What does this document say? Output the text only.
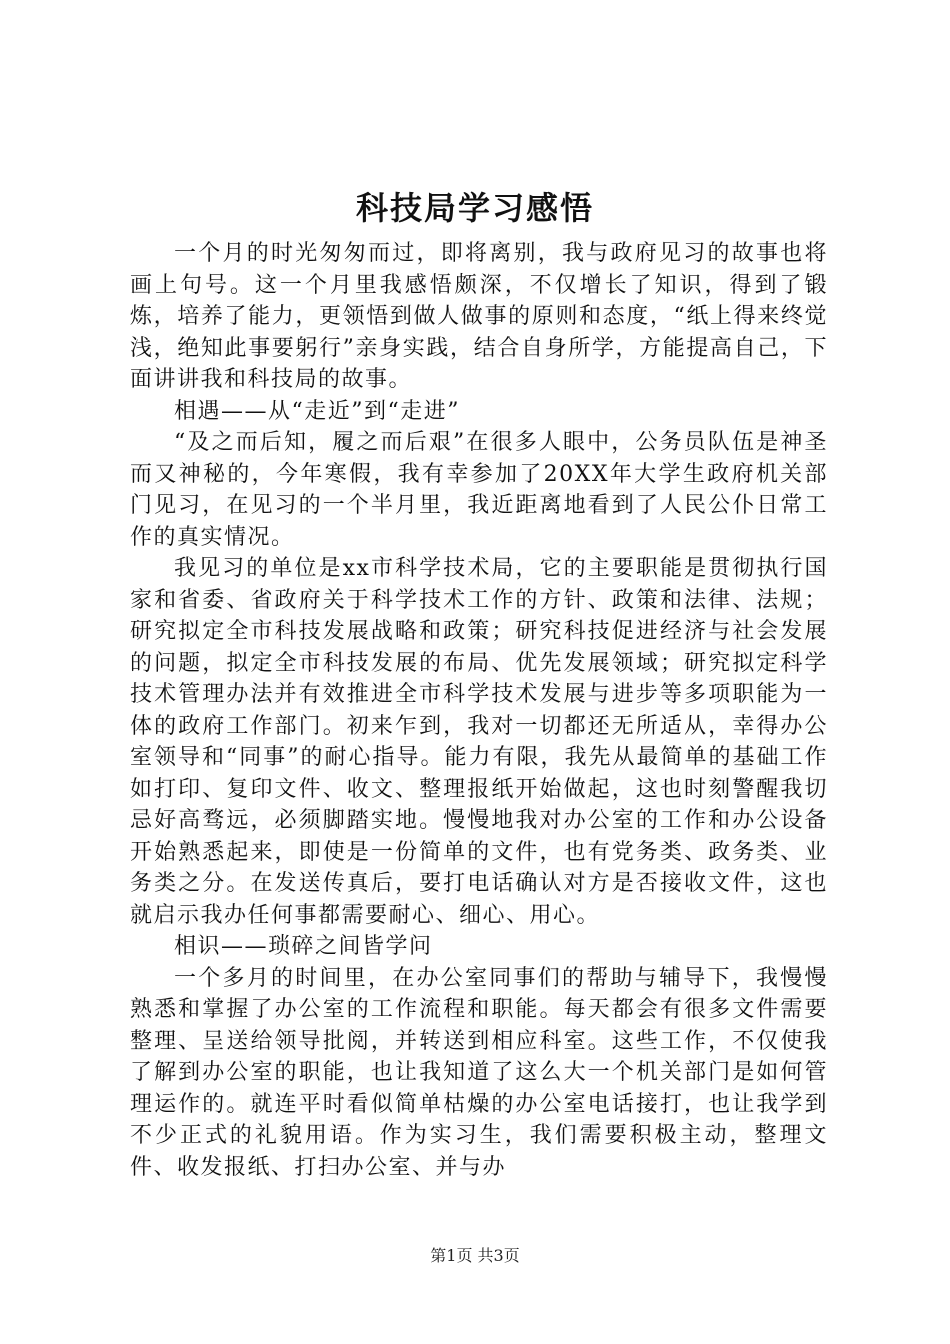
科技局学习感悟

一个月的时光匆匆而过，即将离别，我与政府见习的故事也将画上句号。这一个月里我感悟颇深，不仅增长了知识，得到了锻炼，培养了能力，更领悟到做人做事的原则和态度，“纸上得来终觉浅，绝知此事要躬行”亲身实践，结合自身所学，方能提高自己，下面讲讲我和科技局的故事。

相遇——从“走近”到“走进”

“及之而后知，履之而后艰”在很多人眼中，公务员队伍是神圣而又神秘的，今年寒假，我有幸参加了20XX年大学生政府机关部门见习，在见习的一个半月里，我近距离地看到了人民公仆日常工作的真实情况。

我见习的单位是xx市科学技术局，它的主要职能是贯彻执行国家和省委、省政府关于科学技术工作的方针、政策和法律、法规；研究拟定全市科技发展战略和政策；研究科技促进经济与社会发展的问题，拟定全市科技发展的布局、优先发展领域；研究拟定科学技术管理办法并有效推进全市科学技术发展与进步等多项职能为一体的政府工作部门。初来乍到，我对一切都还无所适从，幸得办公室领导和“同事”的耐心指导。能力有限，我先从最简单的基础工作如打印、复印文件、收文、整理报纸开始做起，这也时刻警醒我切忌好高骛远，必须脚踏实地。慢慢地我对办公室的工作和办公设备开始熟悉起来，即使是一份简单的文件，也有党务类、政务类、业务类之分。在发送传真后，要打电话确认对方是否接收文件，这也就启示我办任何事都需要耐心、细心、用心。

相识——琐碎之间皆学问

一个多月的时间里，在办公室同事们的帮助与辅导下，我慢慢熟悉和掌握了办公室的工作流程和职能。每天都会有很多文件需要整理、呈送给领导批阅，并转送到相应科室。这些工作，不仅使我了解到办公室的职能，也让我知道了这么大一个机关部门是如何管理运作的。就连平时看似简单枯燥的办公室电话接打，也让我学到不少正式的礼貌用语。作为实习生，我们需要积极主动，整理文件、收发报纸、打扫办公室、并与办

第1页 共3页
